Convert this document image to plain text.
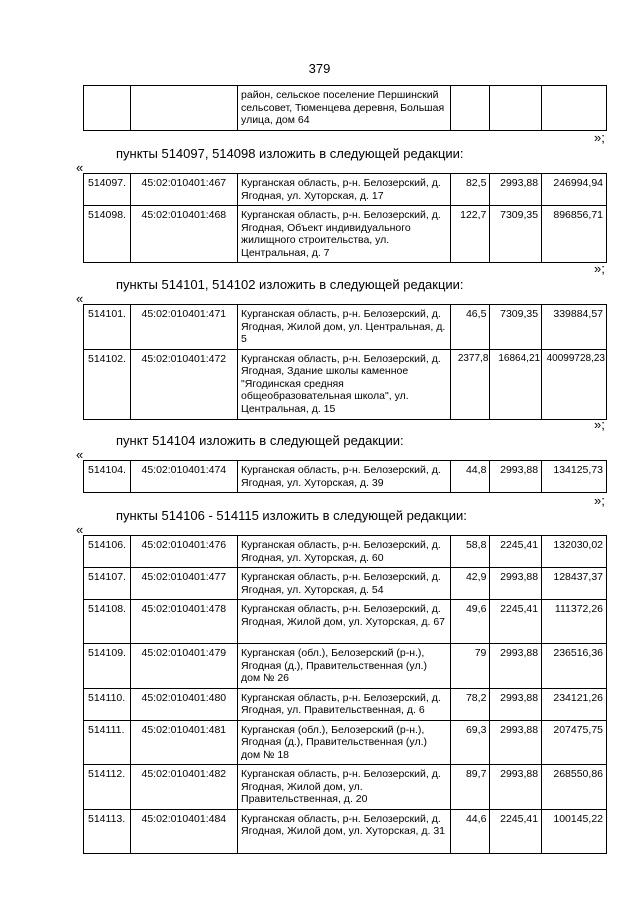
379
		район, сельское поселение Першинский сельсовет, Тюменцева деревня, Большая улица, дом 64			
»;
пункты 514097, 514098 изложить в следующей редакции:
«
514097.	45:02:010401:467	Курганская область, р-н. Белозерский, д. Ягодная, ул. Хуторская, д. 17	82,5	2993,88	246994,94
514098.	45:02:010401:468	Курганская область, р-н. Белозерский, д. Ягодная, Объект индивидуального жилищного строительства, ул. Центральная, д. 7	122,7	7309,35	896856,71
»;
пункты 514101, 514102 изложить в следующей редакции:
«
514101.	45:02:010401:471	Курганская область, р-н. Белозерский, д. Ягодная, Жилой дом, ул. Центральная, д. 5	46,5	7309,35	339884,57
514102.	45:02:010401:472	Курганская область, р-н. Белозерский, д. Ягодная, Здание школы каменное "Ягодинская средняя общеобразовательная школа", ул. Центральная, д. 15	2377,8	16864,21	40099728,23
»;
пункт 514104 изложить в следующей редакции:
«
514104.	45:02:010401:474	Курганская область, р-н. Белозерский, д. Ягодная, ул. Хуторская, д. 39	44,8	2993,88	134125,73
»;
пункты 514106 - 514115 изложить в следующей редакции:
«
514106.	45:02:010401:476	Курганская область, р-н. Белозерский, д. Ягодная, ул. Хуторская, д. 60	58,8	2245,41	132030,02
514107.	45:02:010401:477	Курганская область, р-н. Белозерский, д. Ягодная, ул. Хуторская, д. 54	42,9	2993,88	128437,37
514108.	45:02:010401:478	Курганская область, р-н. Белозерский, д. Ягодная, Жилой дом, ул. Хуторская, д. 67	49,6	2245,41	111372,26
514109.	45:02:010401:479	Курганская (обл.), Белозерский (р-н.), Ягодная (д.), Правительственная (ул.) дом № 26	79	2993,88	236516,36
514110.	45:02:010401:480	Курганская область, р-н. Белозерский, д. Ягодная, ул. Правительственная, д. 6	78,2	2993,88	234121,26
514111.	45:02:010401:481	Курганская (обл.), Белозерский (р-н.), Ягодная (д.), Правительственная (ул.) дом № 18	69,3	2993,88	207475,75
514112.	45:02:010401:482	Курганская область, р-н. Белозерский, д. Ягодная, Жилой дом, ул. Правительственная, д. 20	89,7	2993,88	268550,86
514113.	45:02:010401:484	Курганская область, р-н. Белозерский, д. Ягодная, Жилой дом, ул. Хуторская, д. 31	44,6	2245,41	100145,22
